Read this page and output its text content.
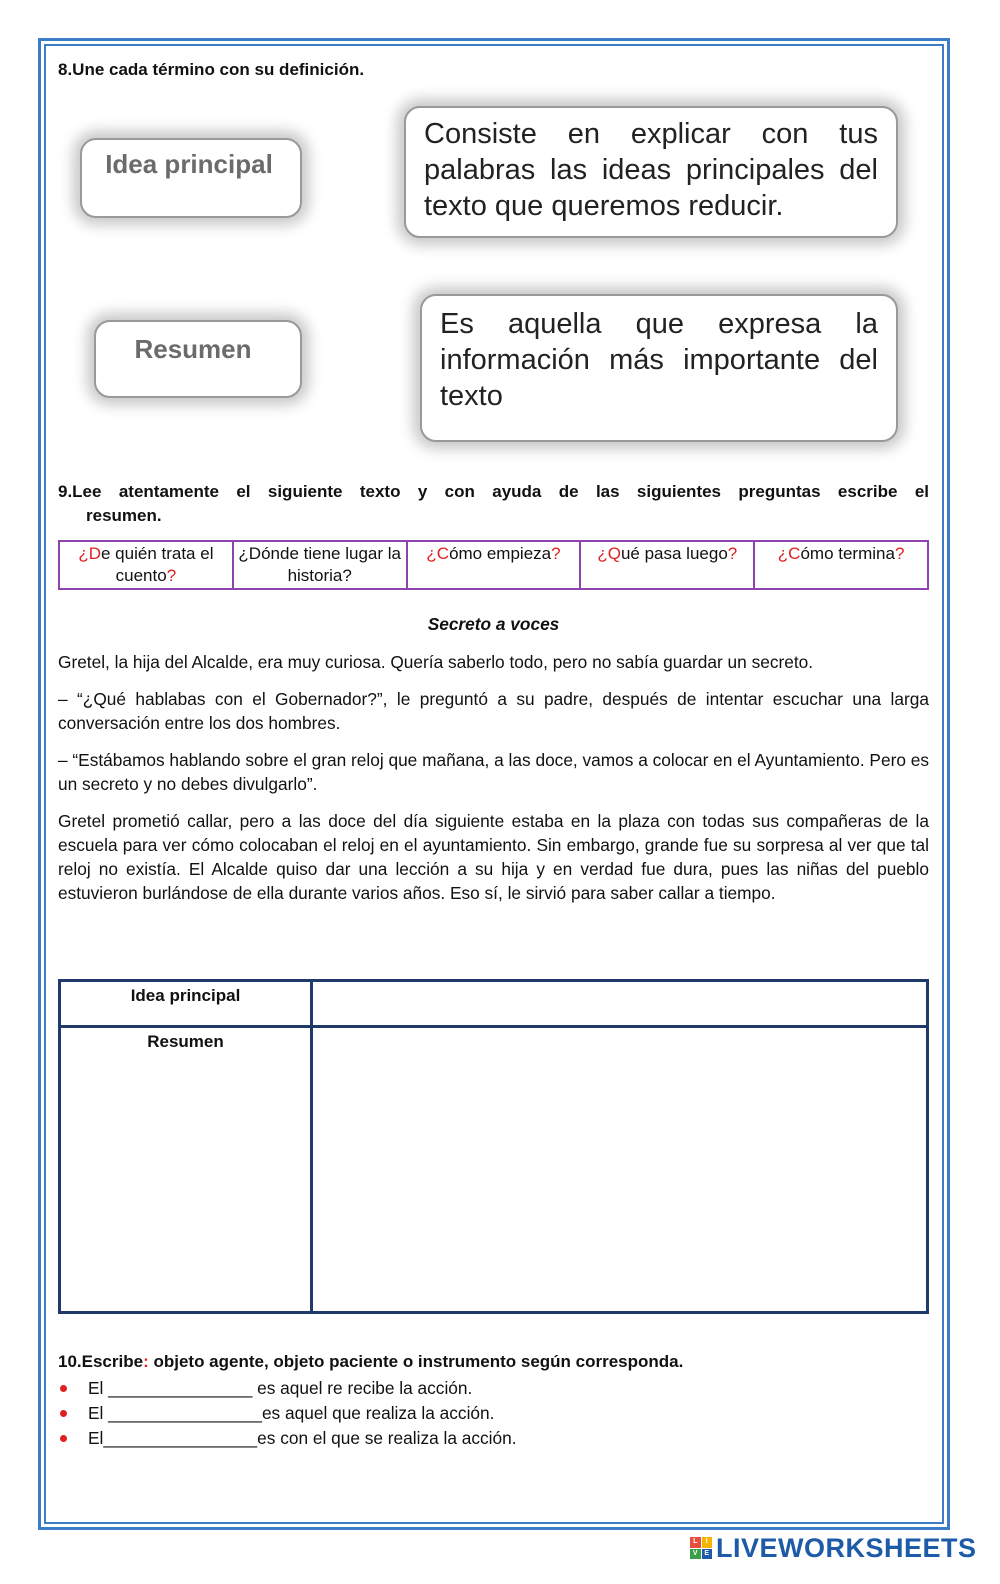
8.Une cada término con su definición.
Idea principal
Resumen
Consiste en explicar con tus palabras las ideas principales del texto que queremos reducir.
Es aquella que expresa la información más importante del texto
9.Lee atentamente el siguiente texto y con ayuda de las siguientes preguntas escribe el
resumen.
¿De quién trata el cuento?	¿Dónde tiene lugar la historia?	¿Cómo empieza?	¿Qué pasa luego?	¿Cómo termina?
Secreto a voces

Gretel, la hija del Alcalde, era muy curiosa. Quería saberlo todo, pero no sabía guardar un secreto.

– “¿Qué hablabas con el Gobernador?”, le preguntó a su padre, después de intentar escuchar una larga conversación entre los dos hombres.

– “Estábamos hablando sobre el gran reloj que mañana, a las doce, vamos a colocar en el Ayuntamiento. Pero es un secreto y no debes divulgarlo”.

Gretel prometió callar, pero a las doce del día siguiente estaba en la plaza con todas sus compañeras de la escuela para ver cómo colocaban el reloj en el ayuntamiento. Sin embargo, grande fue su sorpresa al ver que tal reloj no existía. El Alcalde quiso dar una lección a su hija y en verdad fue dura, pues las niñas del pueblo estuvieron burlándose de ella durante varios años. Eso sí, le sirvió para saber callar a tiempo.

Idea principal	
Resumen	
10.Escribe: objeto agente, objeto paciente o instrumento según corresponda.
El _______________ es aquel re recibe la acción.
El ________________es aquel que realiza la acción.
El________________es con el que se realiza la acción.
L	I
V E LIVEWORKSHEETS
